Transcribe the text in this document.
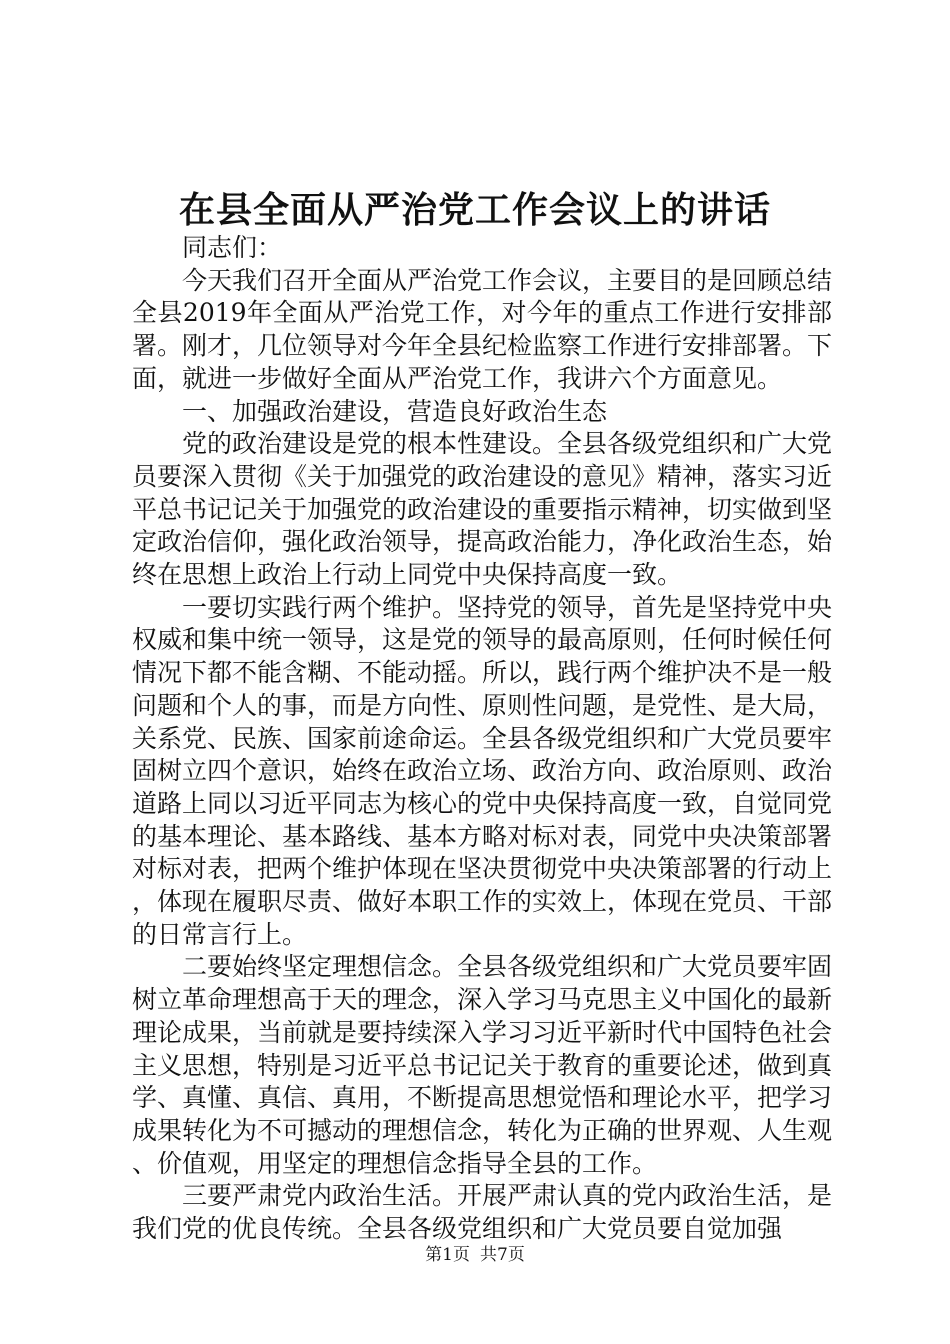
在县全面从严治党工作会议上的讲话

同志们：

今天我们召开全面从严治党工作会议，主要目的是回顾总结全县2019年全面从严治党工作，对今年的重点工作进行安排部署。刚才，几位领导对今年全县纪检监察工作进行安排部署。下面，就进一步做好全面从严治党工作，我讲六个方面意见。

一、加强政治建设，营造良好政治生态

党的政治建设是党的根本性建设。全县各级党组织和广大党员要深入贯彻《关于加强党的政治建设的意见》精神，落实习近平总书记记关于加强党的政治建设的重要指示精神，切实做到坚定政治信仰，强化政治领导，提高政治能力，净化政治生态，始终在思想上政治上行动上同党中央保持高度一致。

一要切实践行两个维护。坚持党的领导，首先是坚持党中央权威和集中统一领导，这是党的领导的最高原则，任何时候任何情况下都不能含糊、不能动摇。所以，践行两个维护决不是一般问题和个人的事，而是方向性、原则性问题，是党性、是大局，关系党、民族、国家前途命运。全县各级党组织和广大党员要牢固树立四个意识，始终在政治立场、政治方向、政治原则、政治道路上同以习近平同志为核心的党中央保持高度一致，自觉同党的基本理论、基本路线、基本方略对标对表，同党中央决策部署对标对表，把两个维护体现在坚决贯彻党中央决策部署的行动上，体现在履职尽责、做好本职工作的实效上，体现在党员、干部的日常言行上。

二要始终坚定理想信念。全县各级党组织和广大党员要牢固树立革命理想高于天的理念，深入学习马克思主义中国化的最新理论成果，当前就是要持续深入学习习近平新时代中国特色社会主义思想，特别是习近平总书记记关于教育的重要论述，做到真学、真懂、真信、真用，不断提高思想觉悟和理论水平，把学习成果转化为不可撼动的理想信念，转化为正确的世界观、人生观、价值观，用坚定的理想信念指导全县的工作。

三要严肃党内政治生活。开展严肃认真的党内政治生活，是我们党的优良传统。全县各级党组织和广大党员要自觉加强

第1页 共7页
